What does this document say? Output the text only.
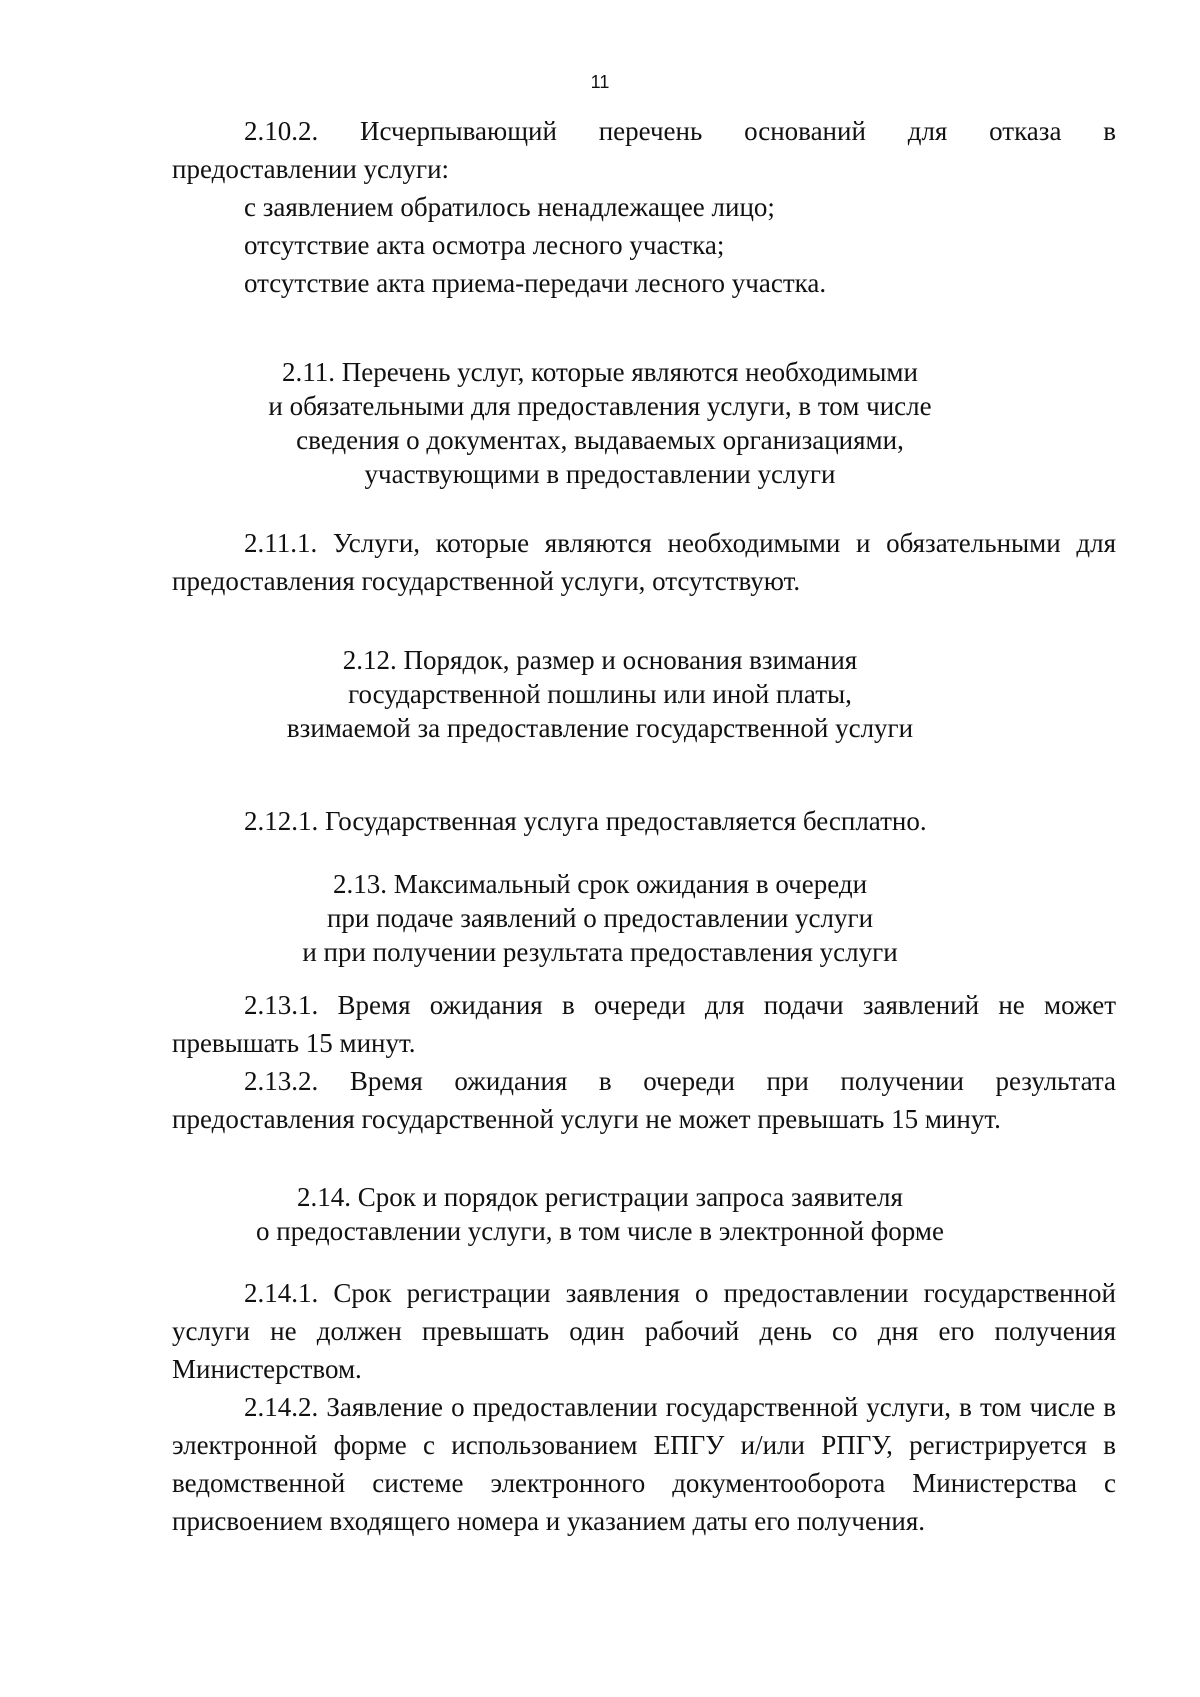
11

2.10.2. Исчерпывающий перечень оснований для отказа в

предоставлении услуги:

с заявлением обратилось ненадлежащее лицо;

отсутствие акта осмотра лесного участка;

отсутствие акта приема-передачи лесного участка.

2.11. Перечень услуг, которые являются необходимыми
и обязательными для предоставления услуги, в том числе
сведения о документах, выдаваемых организациями,
участвующими в предоставлении услуги

2.11.1. Услуги, которые являются необходимыми и обязательными для предоставления государственной услуги, отсутствуют.

2.12. Порядок, размер и основания взимания
государственной пошлины или иной платы,
взимаемой за предоставление государственной услуги

2.12.1. Государственная услуга предоставляется бесплатно.

2.13. Максимальный срок ожидания в очереди
при подаче заявлений о предоставлении услуги
и при получении результата предоставления услуги

2.13.1. Время ожидания в очереди для подачи заявлений не может превышать 15 минут.

2.13.2. Время ожидания в очереди при получении результата предоставления государственной услуги не может превышать 15 минут.

2.14. Срок и порядок регистрации запроса заявителя
о предоставлении услуги, в том числе в электронной форме

2.14.1. Срок регистрации заявления о предоставлении государственной услуги не должен превышать один рабочий день со дня его получения Министерством.

2.14.2. Заявление о предоставлении государственной услуги, в том числе в электронной форме с использованием ЕПГУ и/или РПГУ, регистрируется в ведомственной системе электронного документооборота Министерства с присвоением входящего номера и указанием даты его получения.
